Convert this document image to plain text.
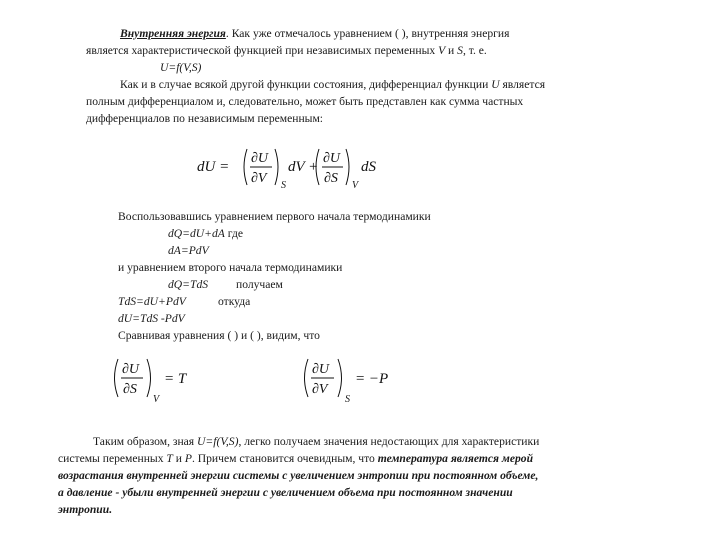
Внутренняя энергия. Как уже отмечалось уравнением ( ), внутренняя энергия
является характеристической функцией при независимых переменных V и S, т. е.
U=f(V,S)
Как и в случае всякой другой функции состояния, дифференциал функции U является
полным дифференциалом и, следовательно, может быть представлен как сумма частных
дифференциалов по независимым переменным:
dU =
∂U
∂V S
dV +
∂U
∂S V
dS
Воспользовавшись уравнением первого начала термодинамики
dQ=dU+dA где
dA=PdV
и уравнением второго начала термодинамики
dQ=TdS получаем
TdS=dU+PdV	откуда
dU=TdS -PdV
Сравнивая уравнения ( ) и ( ), видим, что
∂U
∂S
V
= T
∂U
∂V
S
= −P
Таким образом, зная U=f(V,S), легко получаем значения недостающих для характеристики
системы переменных T и P. Причем становится очевидным, что температура является мерой
возрастания внутренней энергии системы с увеличением энтропии при постоянном объеме,
а давление - убыли внутренней энергии с увеличением объема при постоянном значении
энтропии.
